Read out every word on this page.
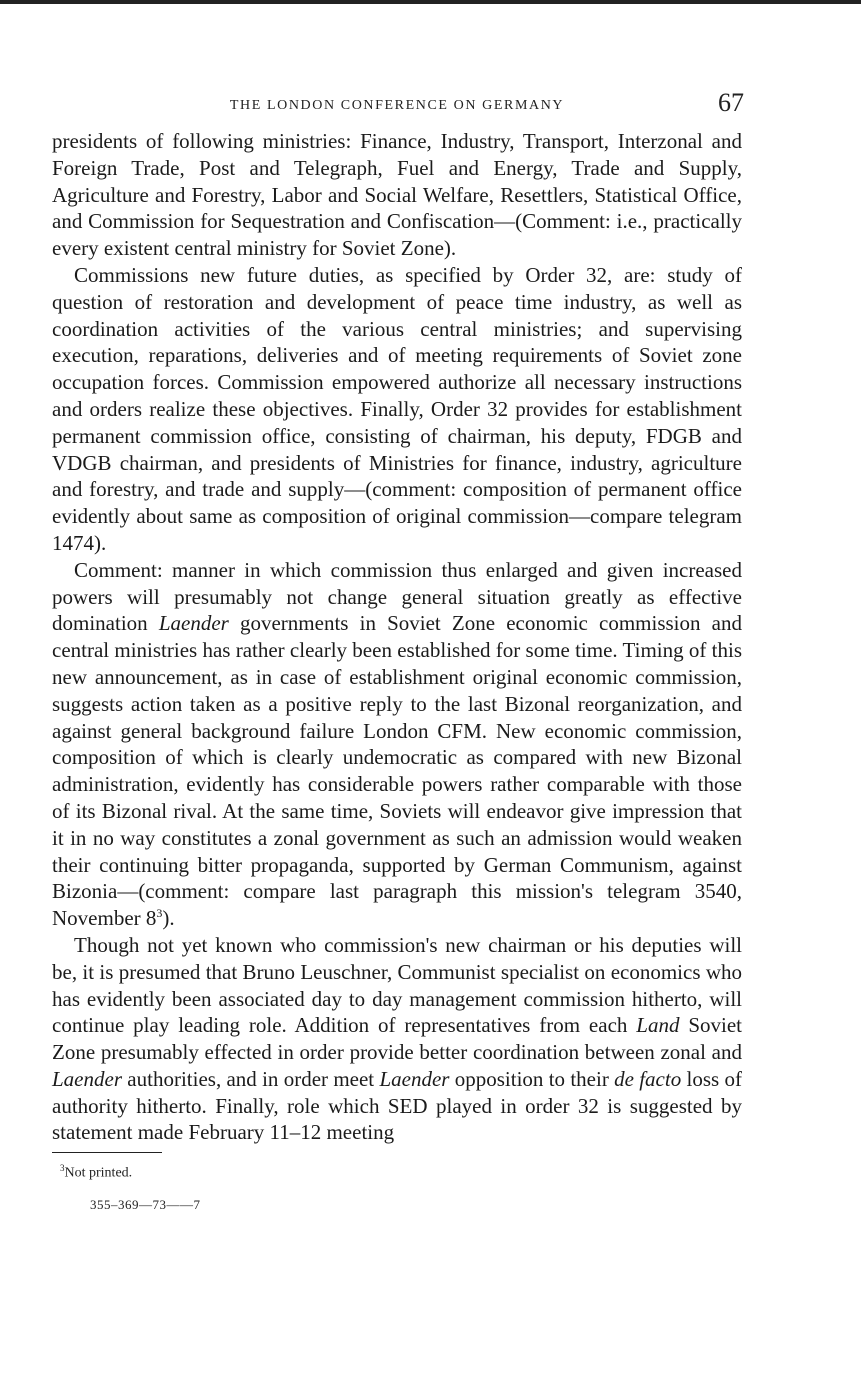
THE LONDON CONFERENCE ON GERMANY	67

presidents of following ministries: Finance, Industry, Transport, Interzonal and Foreign Trade, Post and Telegraph, Fuel and Energy, Trade and Supply, Agriculture and Forestry, Labor and Social Welfare, Resettlers, Statistical Office, and Commission for Sequestration and Confiscation—(Comment: i.e., practically every existent central ministry for Soviet Zone).

Commissions new future duties, as specified by Order 32, are: study of question of restoration and development of peace time industry, as well as coordination activities of the various central ministries; and supervising execution, reparations, deliveries and of meeting requirements of Soviet zone occupation forces. Commission empowered authorize all necessary instructions and orders realize these objectives. Finally, Order 32 provides for establishment permanent commission office, consisting of chairman, his deputy, FDGB and VDGB chairman, and presidents of Ministries for finance, industry, agriculture and forestry, and trade and supply—(comment: composition of permanent office evidently about same as composition of original commission—compare telegram 1474).

Comment: manner in which commission thus enlarged and given increased powers will presumably not change general situation greatly as effective domination Laender governments in Soviet Zone economic commission and central ministries has rather clearly been established for some time. Timing of this new announcement, as in case of establishment original economic commission, suggests action taken as a positive reply to the last Bizonal reorganization, and against general background failure London CFM. New economic commission, composition of which is clearly undemocratic as compared with new Bizonal administration, evidently has considerable powers rather comparable with those of its Bizonal rival. At the same time, Soviets will endeavor give impression that it in no way constitutes a zonal government as such an admission would weaken their continuing bitter propaganda, supported by German Communism, against Bizonia—(comment: compare last paragraph this mission's telegram 3540, November 8$^3$).

Though not yet known who commission's new chairman or his deputies will be, it is presumed that Bruno Leuschner, Communist specialist on economics who has evidently been associated day to day management commission hitherto, will continue play leading role. Addition of representatives from each Land Soviet Zone presumably effected in order provide better coordination between zonal and Laender authorities, and in order meet Laender opposition to their de facto loss of authority hitherto. Finally, role which SED played in order 32 is suggested by statement made February 11–12 meeting

$^3$Not printed.
355–369—73——7
